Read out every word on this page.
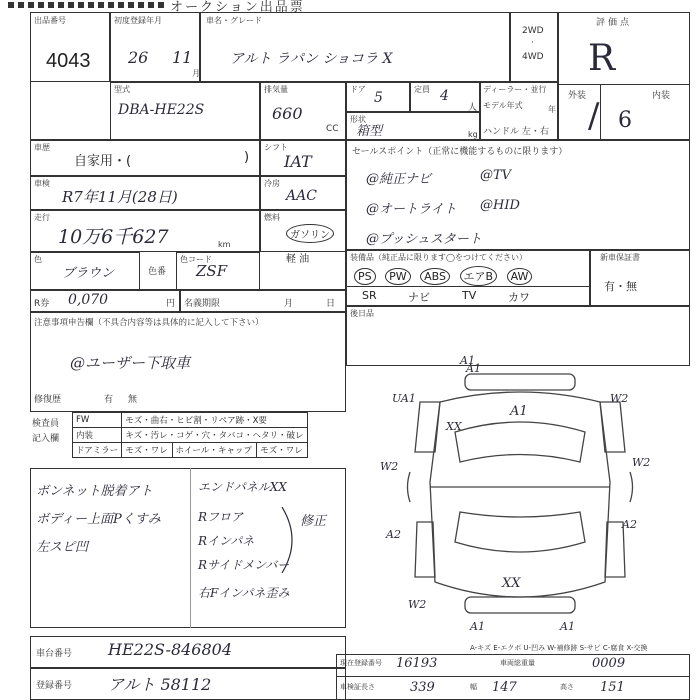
オークション出品票
出品番号
4043
初度登録年月
26 11
月
車名・グレード
アルト ラパン ショコラ X
2WD
·
4WD
評価点
R
外装	内装
/ 6
型式
DBA-HE22S
排気量
660
CC
ドア
5
定員 4
人
形状
箱型	kg
ディーラー・並行
モデル年式	年
ハンドル 左・右
車歴
自家用・(	)
シフト
IAT
車検
R7年11月(28日)
冷房
AAC
走行
10万6千627	km
燃料
ガソリン
軽 油
色
ブラウン	色番
色コード
ZSF
セールスポイント（正常に機能するものに限ります）
@純正ナビ	@TV
@オートライト @HID
@プッシュスタート
装備品（純正品に限ります◯をつけてください）
PS PW ABS エアB AW
SR	ナビ	TV	カワ
新車保証書
有・無
R券 0,070	円 名義期限	月	日
後日品
注意事項申告欄（不具合内容等は具体的に記入して下さい）
@ユーザー下取車
修復歴	有 無
検査員
記入欄
FW	モズ・曲右・ヒビ割・リペア跡・X要		
内装	キズ・汚レ・コゲ・穴・タバコ・ヘタリ・破レ		
ドアミラー	モズ・ワレ	ホイール・キャップ	モズ・ワレ
ボンネット脱着アト
ボディー上面Pくすみ
左スピ凹
エンドパネルXX
Rフロア
Rインパネ
Rサイドメンバー
右Fインパネ歪み
修正
A1
A1
UA1	W2
XX
A1
W2	W2
A2
A2
XX
W2
A1	A1
A-キズ E-エクボ U-凹み W-補修跡 S-サビ C-腐食 X-交換
車台番号 HE22S-846804
登録番号 アルト 58112
現在登録番号 16193	車両総重量	0009
車検証長さ	339	幅 147	高さ 151
